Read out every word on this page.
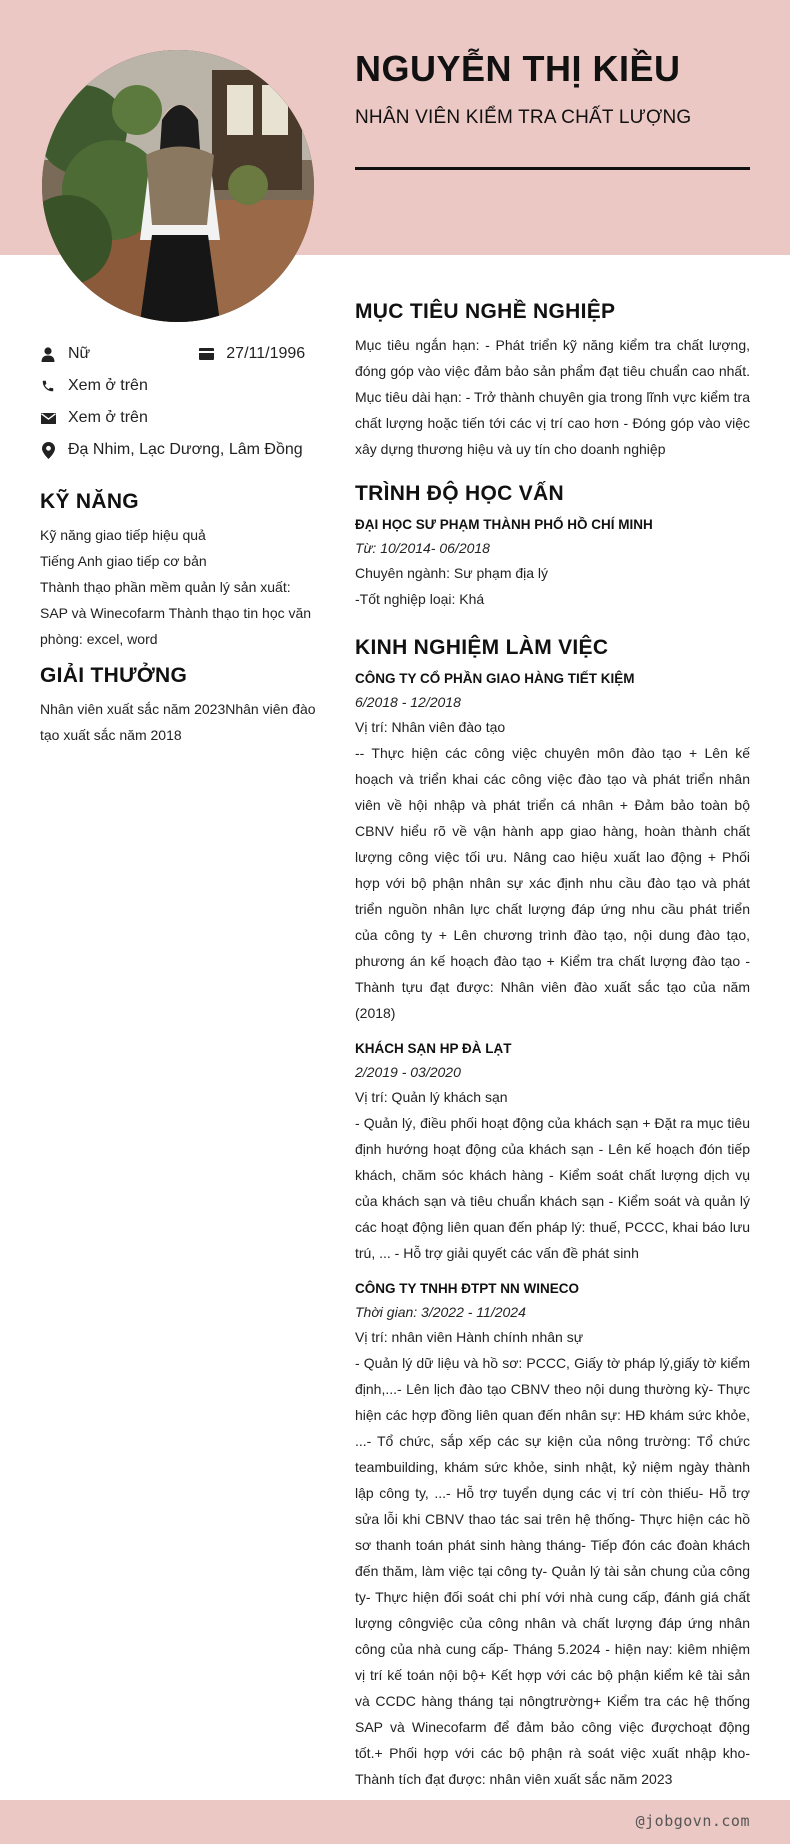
NGUYỄN THỊ KIỀU
NHÂN VIÊN KIỂM TRA CHẤT LƯỢNG
Nữ	27/11/1996
Xem ở trên
Xem ở trên
Đạ Nhim, Lạc Dương, Lâm Đồng
KỸ NĂNG
Kỹ năng giao tiếp hiệu quả
Tiếng Anh giao tiếp cơ bản
Thành thạo phần mềm quản lý sản xuất:
SAP và Winecofarm Thành thạo tin học văn
phòng: excel, word
GIẢI THƯỞNG
Nhân viên xuất sắc năm 2023Nhân viên đào
tạo xuất sắc năm 2018
MỤC TIÊU NGHỀ NGHIỆP

Mục tiêu ngắn hạn: - Phát triển kỹ năng kiểm tra chất lượng, đóng góp vào việc đảm bảo sản phẩm đạt tiêu chuẩn cao nhất. Mục tiêu dài hạn: - Trở thành chuyên gia trong lĩnh vực kiểm tra chất lượng hoặc tiến tới các vị trí cao hơn - Đóng góp vào việc xây dựng thương hiệu và uy tín cho doanh nghiệp

TRÌNH ĐỘ HỌC VẤN
ĐẠI HỌC SƯ PHẠM THÀNH PHỐ HỒ CHÍ MINH
Từ: 10/2014- 06/2018
Chuyên ngành: Sư phạm địa lý
-Tốt nghiệp loại: Khá
KINH NGHIỆM LÀM VIỆC
CÔNG TY CỔ PHẦN GIAO HÀNG TIẾT KIỆM
6/2018 - 12/2018
Vị trí: Nhân viên đào tạo

-- Thực hiện các công việc chuyên môn đào tạo + Lên kế hoạch và triển khai các công việc đào tạo và phát triển nhân viên về hội nhập và phát triển cá nhân + Đảm bảo toàn bộ CBNV hiểu rõ về vận hành app giao hàng, hoàn thành chất lượng công việc tối ưu. Nâng cao hiệu xuất lao động + Phối hợp với bộ phận nhân sự xác định nhu cầu đào tạo và phát triển nguồn nhân lực chất lượng đáp ứng nhu cầu phát triển của công ty + Lên chương trình đào tạo, nội dung đào tạo, phương án kế hoạch đào tạo + Kiểm tra chất lượng đào tạo - Thành tựu đạt được: Nhân viên đào xuất sắc tạo của năm (2018)

KHÁCH SẠN HP ĐÀ LẠT
2/2019 - 03/2020
Vị trí: Quản lý khách sạn

- Quản lý, điều phối hoạt động của khách sạn + Đặt ra mục tiêu định hướng hoạt động của khách sạn - Lên kế hoạch đón tiếp khách, chăm sóc khách hàng - Kiểm soát chất lượng dịch vụ của khách sạn và tiêu chuẩn khách sạn - Kiểm soát và quản lý các hoạt động liên quan đến pháp lý: thuế, PCCC, khai báo lưu trú, ... - Hỗ trợ giải quyết các vấn đề phát sinh

CÔNG TY TNHH ĐTPT NN WINECO
Thời gian: 3/2022 - 11/2024
Vị trí: nhân viên Hành chính nhân sự

- Quản lý dữ liệu và hồ sơ: PCCC, Giấy tờ pháp lý,giấy tờ kiểm định,...- Lên lịch đào tạo CBNV theo nội dung thường kỳ- Thực hiện các hợp đồng liên quan đến nhân sự: HĐ khám sức khỏe, ...- Tổ chức, sắp xếp các sự kiện của nông trường: Tổ chức teambuilding, khám sức khỏe, sinh nhật, kỷ niệm ngày thành lập công ty, ...- Hỗ trợ tuyển dụng các vị trí còn thiếu- Hỗ trợ sửa lỗi khi CBNV thao tác sai trên hệ thống- Thực hiện các hồ sơ thanh toán phát sinh hàng tháng- Tiếp đón các đoàn khách đến thăm, làm việc tại công ty- Quản lý tài sản chung của công ty- Thực hiện đối soát chi phí với nhà cung cấp, đánh giá chất lượng côngviệc của công nhân và chất lượng đáp ứng nhân công của nhà cung cấp- Tháng 5.2024 - hiện nay: kiêm nhiệm vị trí kế toán nội bộ+ Kết hợp với các bộ phận kiểm kê tài sản và CCDC hàng tháng tại nôngtrường+ Kiểm tra các hệ thống SAP và Winecofarm để đảm bảo công việc đượchoạt động tốt.+ Phối hợp với các bộ phận rà soát việc xuất nhập kho- Thành tích đạt được: nhân viên xuất sắc năm 2023

@jobgovn.com
